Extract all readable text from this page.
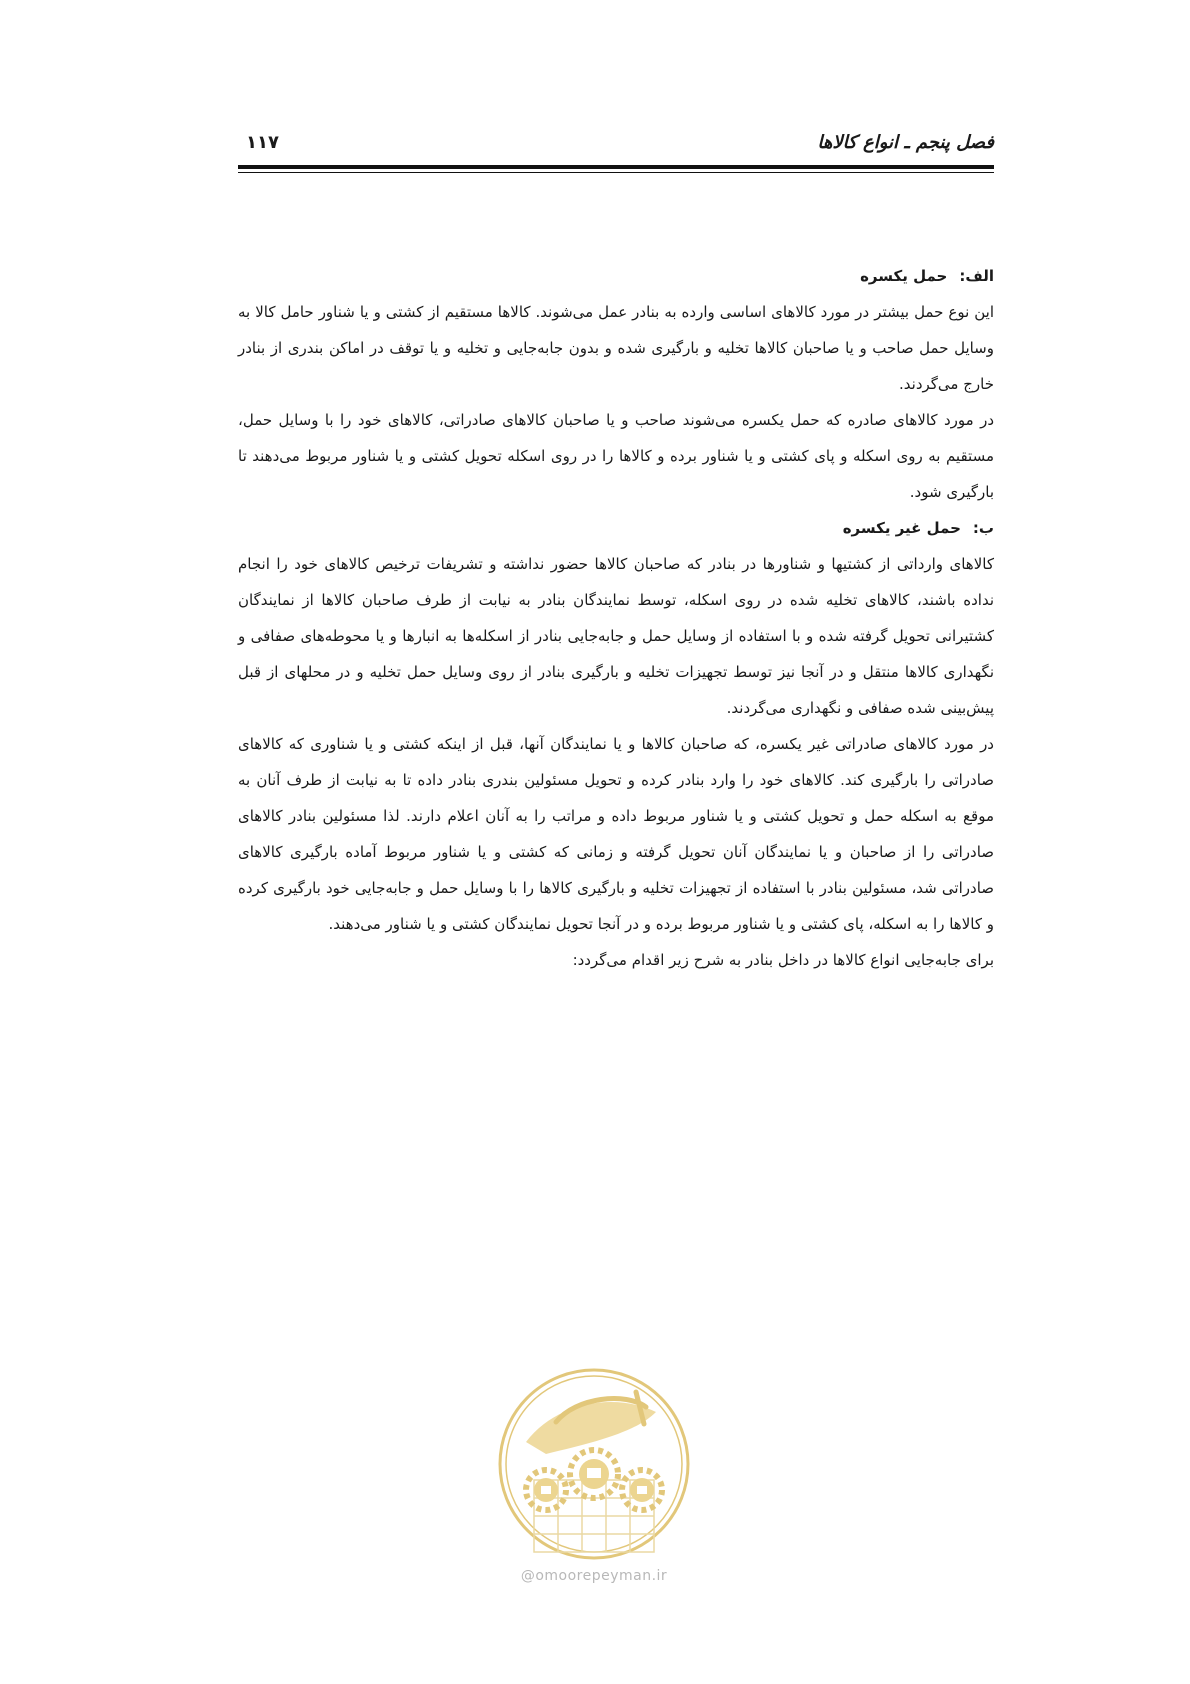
فصل پنجم ـ انواع کالاها
۱۱۷
الف:حمل یکسره

این نوع حمل بیشتر در مورد کالاهای اساسی وارده به بنادر عمل می‌شوند. کالاها مستقیم از کشتی و یا شناور حامل کالا به وسایل حمل صاحب و یا صاحبان کالاها تخلیه و بارگیری شده و بدون جابه‌جایی و تخلیه و یا توقف در اماکن بندری از بنادر خارج می‌گردند.

در مورد کالاهای صادره که حمل یکسره می‌شوند صاحب و یا صاحبان کالاهای صادراتی، کالاهای خود را با وسایل حمل، مستقیم به روی اسکله و پای کشتی و یا شناور برده و کالاها را در روی اسکله تحویل کشتی و یا شناور مربوط می‌دهند تا بارگیری شود.

ب:حمل غیر یکسره

کالاهای وارداتی از کشتیها و شناورها در بنادر که صاحبان کالاها حضور نداشته و تشریفات ترخیص کالاهای خود را انجام نداده باشند، کالاهای تخلیه شده در روی اسکله، توسط نمایندگان بنادر به نیابت از طرف صاحبان کالاها از نمایندگان کشتیرانی تحویل گرفته شده و با استفاده از وسایل حمل و جابه‌جایی بنادر از اسکله‌ها به انبارها و یا محوطه‌های صفافی و نگهداری کالاها منتقل و در آنجا نیز توسط تجهیزات تخلیه و بارگیری بنادر از روی وسایل حمل تخلیه و در محلهای از قبل پیش‌بینی شده صفافی و نگهداری می‌گردند.

در مورد کالاهای صادراتی غیر یکسره، که صاحبان کالاها و یا نمایندگان آنها، قبل از اینکه کشتی و یا شناوری که کالاهای صادراتی را بارگیری کند. کالاهای خود را وارد بنادر کرده و تحویل مسئولین بندری بنادر داده تا به نیابت از طرف آنان به موقع به اسکله حمل و تحویل کشتی و یا شناور مربوط داده و مراتب را به آنان اعلام دارند. لذا مسئولین بنادر کالاهای صادراتی را از صاحبان و یا نمایندگان آنان تحویل گرفته و زمانی که کشتی و یا شناور مربوط آماده بارگیری کالاهای صادراتی شد، مسئولین بنادر با استفاده از تجهیزات تخلیه و بارگیری کالاها را با وسایل حمل و جابه‌جایی خود بارگیری کرده و کالاها را به اسکله، پای کشتی و یا شناور مربوط برده و در آنجا تحویل نمایندگان کشتی و یا شناور می‌دهند.

برای جابه‌جایی انواع کالاها در داخل بنادر به شرح زیر اقدام می‌گردد:

@omoorepeyman.ir
